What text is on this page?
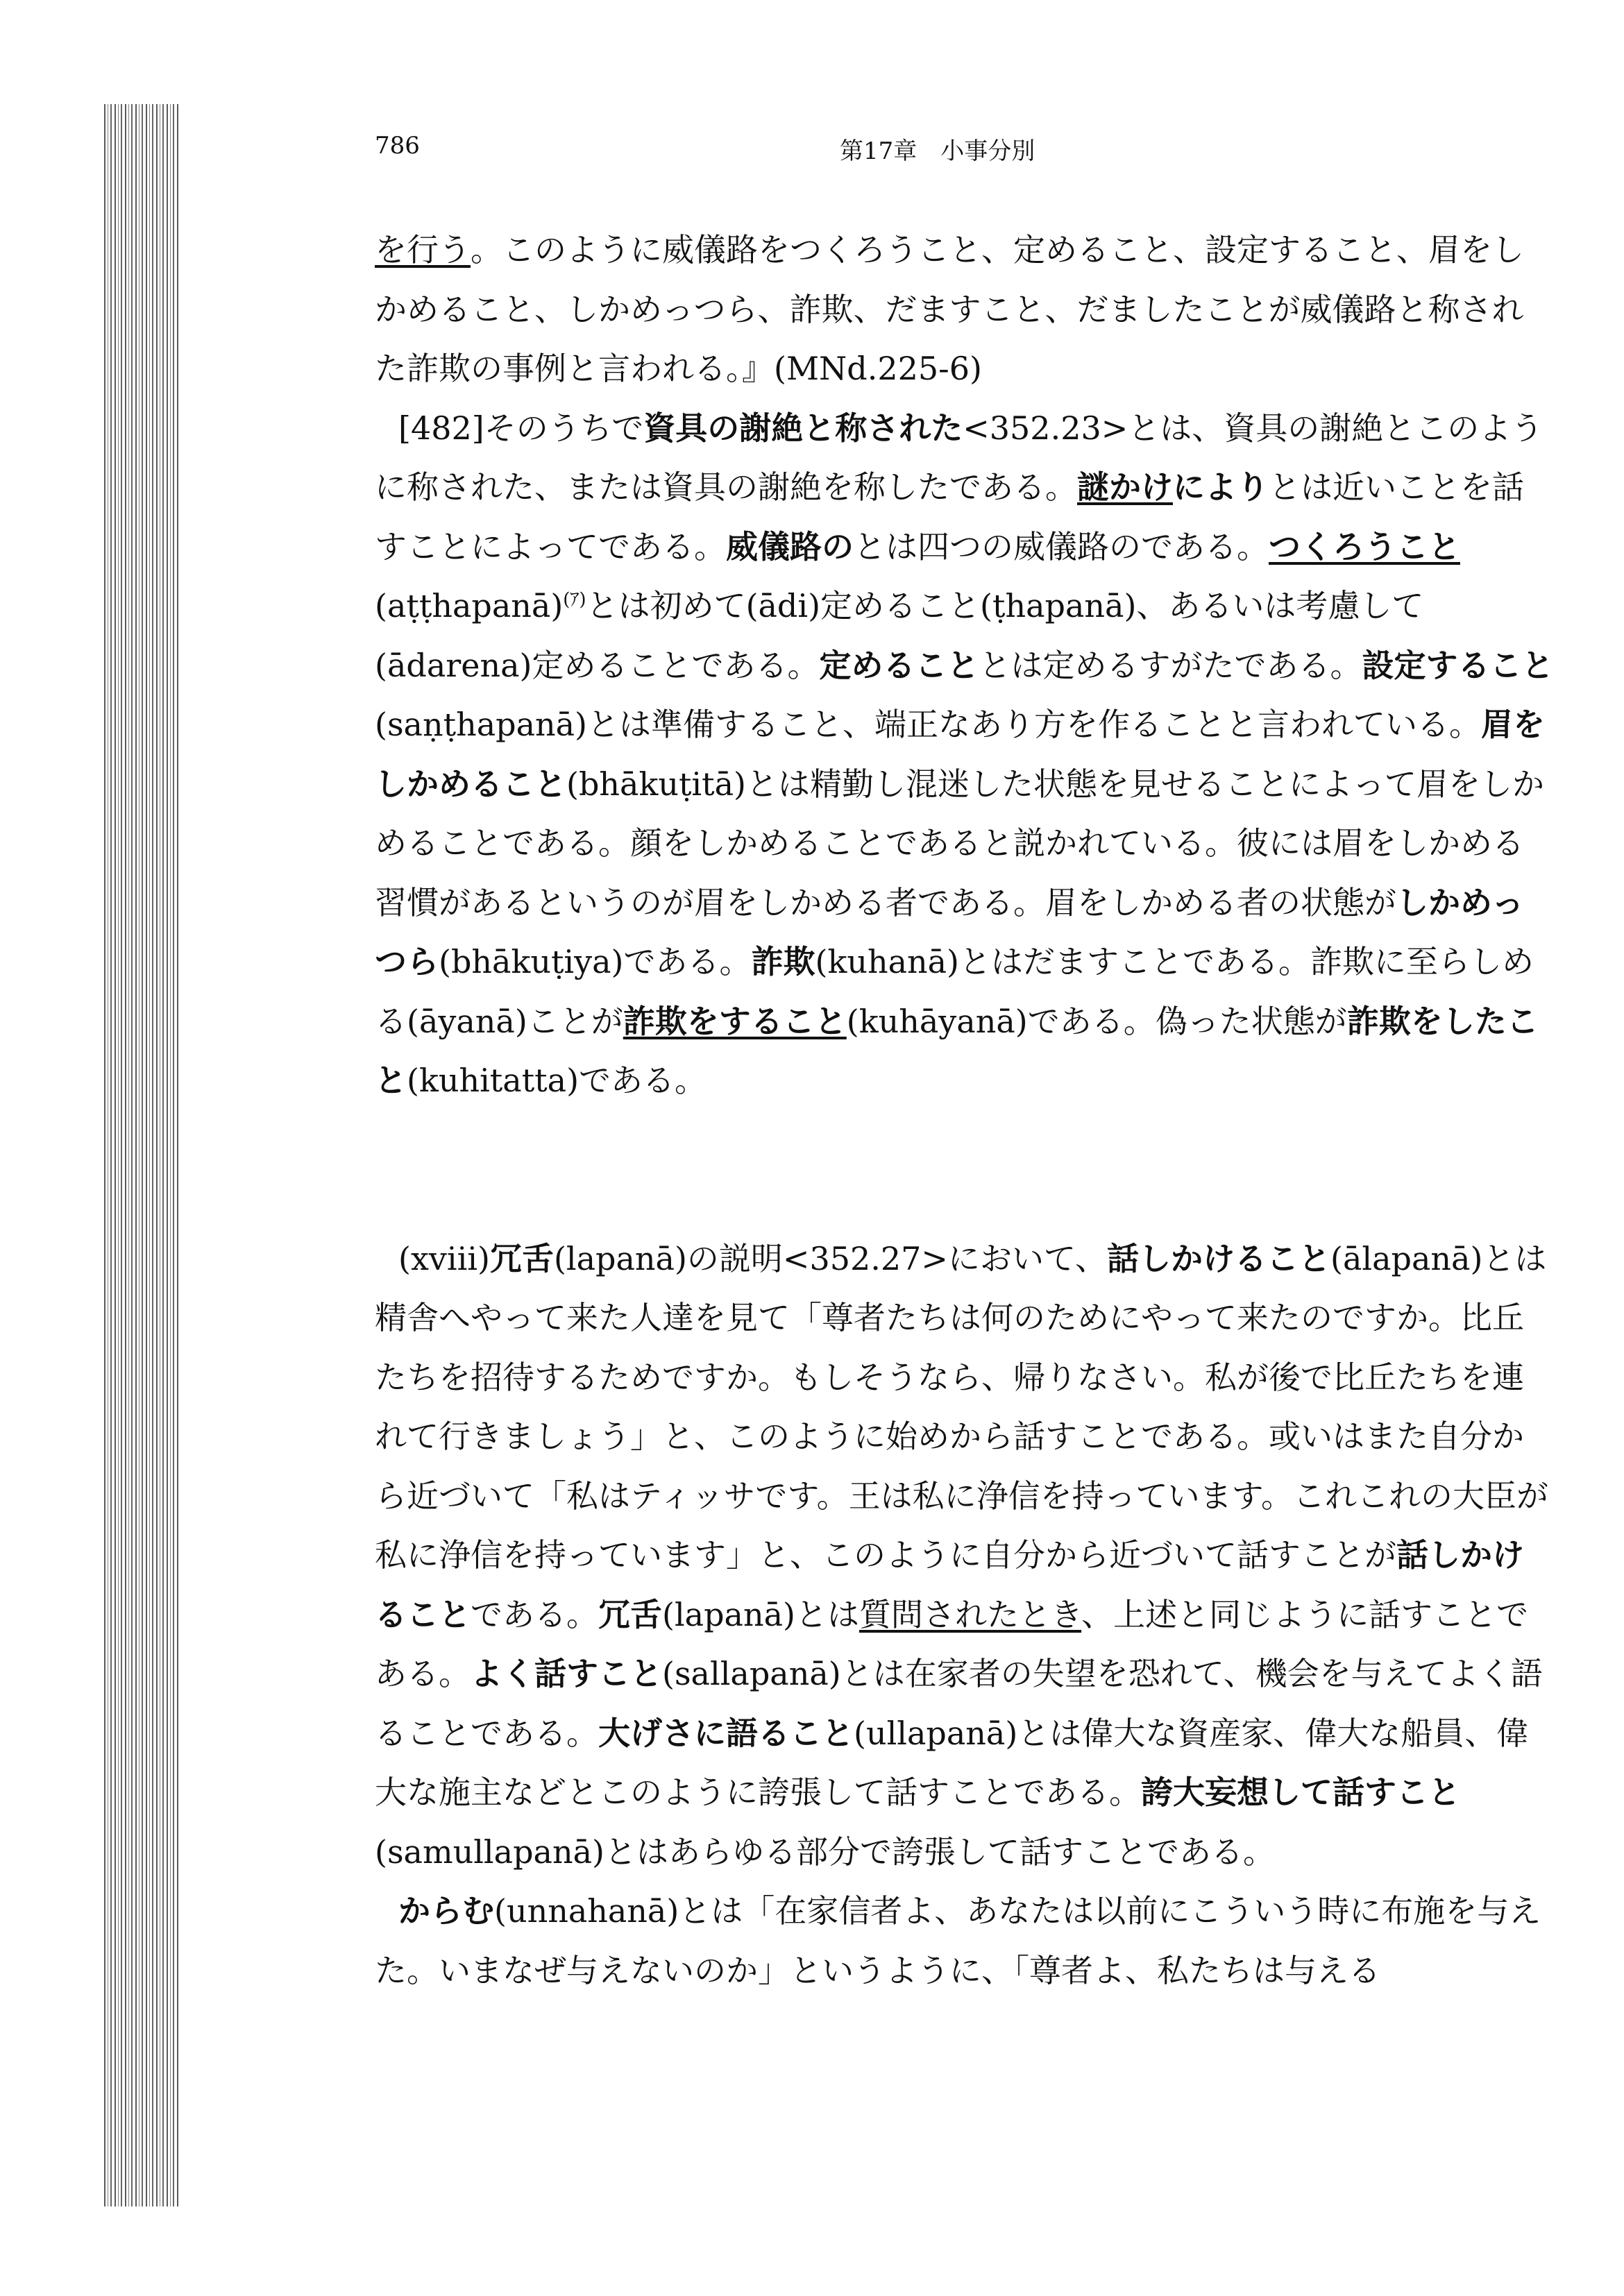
786	第17章　小事分別

を行う。このように威儀路をつくろうこと、定めること、設定すること、眉をしかめること、しかめっつら、詐欺、だますこと、だましたことが威儀路と称された詐欺の事例と言われる。』(MNd.225-6)

[482]そのうちで資具の謝絶と称された<352.23>とは、資具の謝絶とこのように称された、または資具の謝絶を称したである。謎かけによりとは近いことを話すことによってである。威儀路のとは四つの威儀路のである。つくろうこと(aṭṭhapanā)$^{(ｱ)}$とは初めて(ādi)定めること(ṭhapanā)、あるいは考慮して(ādarena)定めることである。定めることとは定めるすがたである。設定すること(saṇṭhapanā)とは準備すること、端正なあり方を作ることと言われている。眉をしかめること(bhākuṭitā)とは精勤し混迷した状態を見せることによって眉をしかめることである。顔をしかめることであると説かれている。彼には眉をしかめる習慣があるというのが眉をしかめる者である。眉をしかめる者の状態がしかめっつら(bhākuṭiya)である。詐欺(kuhanā)とはだますことである。詐欺に至らしめる(āyanā)ことが詐欺をすること(kuhāyanā)である。偽った状態が詐欺をしたこと(kuhitatta)である。

(xviii)冗舌(lapanā)の説明<352.27>において、話しかけること(ālapanā)とは精舎へやって来た人達を見て「尊者たちは何のためにやって来たのですか。比丘たちを招待するためですか。もしそうなら、帰りなさい。私が後で比丘たちを連れて行きましょう」と、このように始めから話すことである。或いはまた自分から近づいて「私はティッサです。王は私に浄信を持っています。これこれの大臣が私に浄信を持っています」と、このように自分から近づいて話すことが話しかけることである。冗舌(lapanā)とは質問されたとき、上述と同じように話すことである。よく話すこと(sallapanā)とは在家者の失望を恐れて、機会を与えてよく語ることである。大げさに語ること(ullapanā)とは偉大な資産家、偉大な船員、偉大な施主などとこのように誇張して話すことである。誇大妄想して話すこと(samullapanā)とはあらゆる部分で誇張して話すことである。

からむ(unnahanā)とは「在家信者よ、あなたは以前にこういう時に布施を与えた。いまなぜ与えないのか」というように、「尊者よ、私たちは与える
